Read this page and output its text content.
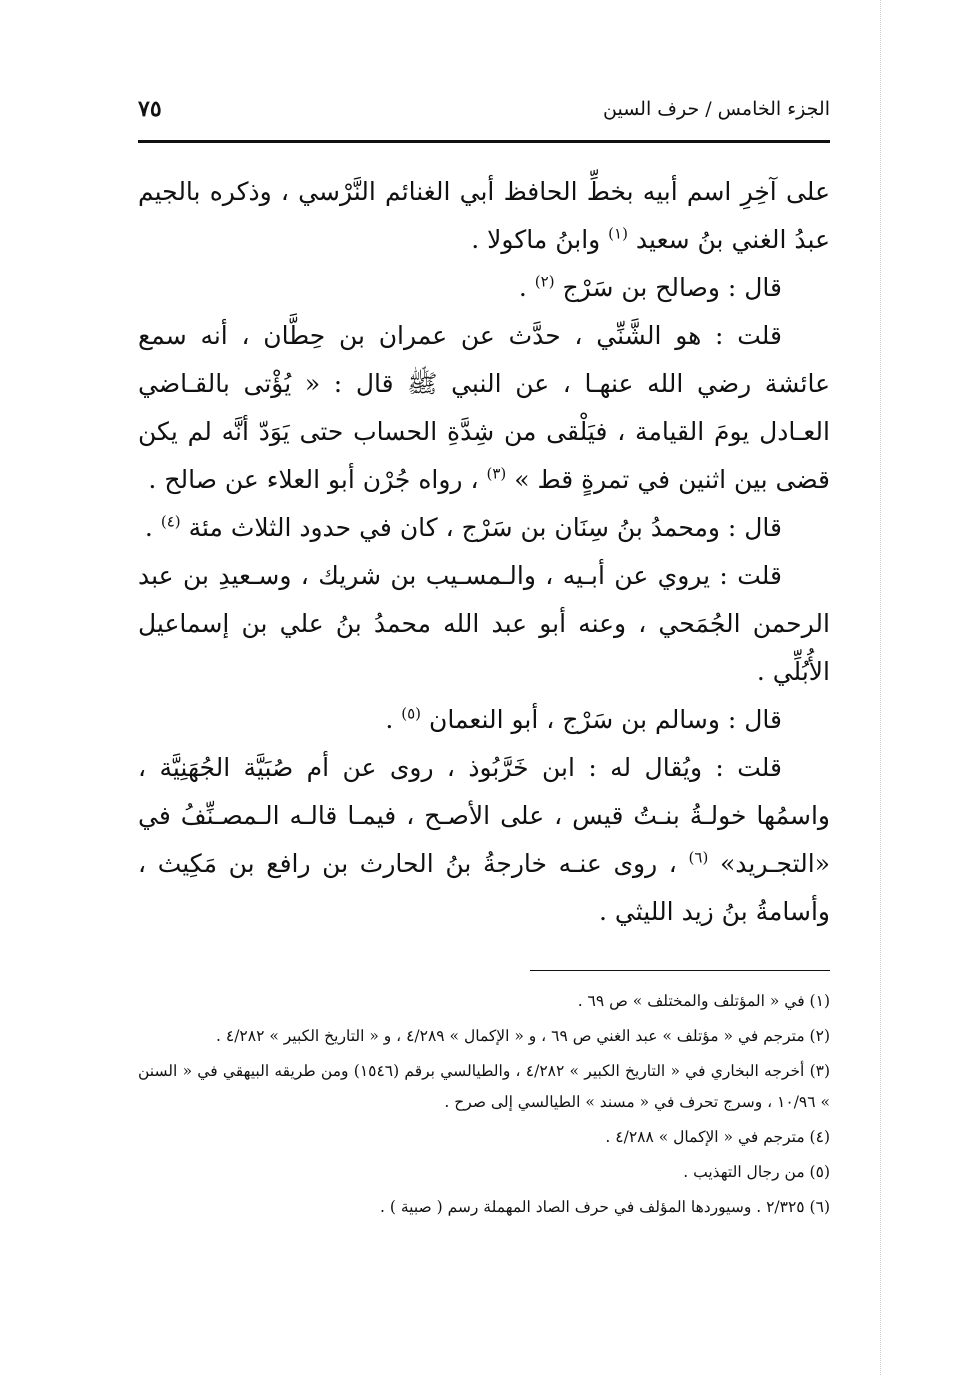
الجزء الخامس / حرف السين
٧٥

على آخِرِ اسم أبيه بخطِّ الحافظ أبي الغنائم النَّرْسي ، وذكره بالجيم عبدُ الغني بنُ سعيد $^{(١)}$ وابنُ ماكولا .

قال : وصالح بن سَرْج $^{(٢)}$ .

قلت : هو الشَّنِّي ، حدَّث عن عمران بن حِطَّان ، أنه سمع عائشة رضي الله عنهـا ، عن النبي ﷺ قال : « يُؤْتى بالقـاضي العـادل يومَ القيامة ، فيَلْقى من شِدَّةِ الحساب حتى يَوَدّ أنَّه لم يكن قضى بين اثنين في تمرةٍ قط » $^{(٣)}$ ، رواه جُرْن أبو العلاء عن صالح .

قال : ومحمدُ بنُ سِنَان بن سَرْج ، كان في حدود الثلاث مئة $^{(٤)}$ .

قلت : يروي عن أبـيه ، والـمسـيب بن شريك ، وسـعيدِ بن عبد الرحمن الجُمَحي ، وعنه أبو عبد الله محمدُ بنُ علي بن إسماعيل الأُبُلِّي .

قال : وسالم بن سَرْج ، أبو النعمان $^{(٥)}$ .

قلت : ويُقال له : ابن خَرَّبُوذ ، روى عن أم صُبَيَّة الجُهَنِيَّة ، واسمُها خولـةُ بنـتُ قيس ، على الأصـح ، فيمـا قالـه الـمصـنِّفُ في «التجـريد» $^{(٦)}$ ، روى عنـه خارجةُ بنُ الحارث بن رافع بن مَكِيث ، وأسامةُ بنُ زيد الليثي .

(١) في « المؤتلف والمختلف » ص ٦٩ .

(٢) مترجم في « مؤتلف » عبد الغني ص ٦٩ ، و « الإكمال » ٤/٢٨٩ ، و « التاريخ الكبير » ٤/٢٨٢ .

(٣) أخرجه البخاري في « التاريخ الكبير » ٤/٢٨٢ ، والطيالسي برقم (١٥٤٦) ومن طريقه البيهقي في « السنن » ١٠/٩٦ ، وسرج تحرف في « مسند » الطيالسي إلى صرح .

(٤) مترجم في « الإكمال » ٤/٢٨٨ .

(٥) من رجال التهذيب .

(٦) ٢/٣٢٥ . وسيوردها المؤلف في حرف الصاد المهملة رسم ( صبية ) .
